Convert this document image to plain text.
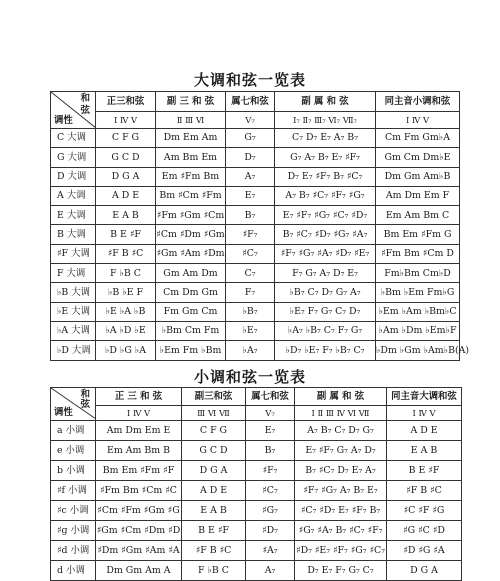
大调和弦一览表
和
弦
调性	正三和弦	副 三 和 弦	属七和弦	副 属 和 弦	同主音小调和弦
	Ⅰ Ⅳ Ⅴ	Ⅱ Ⅲ Ⅵ	Ⅴ₇	Ⅰ₇ Ⅱ₇ Ⅲ₇ Ⅵ₇ Ⅶ₇	Ⅰ Ⅳ Ⅴ
C 大调	C F G	Dm Em Am	G₇	C₇ D₇ E₇ A₇ B₇	Cm Fm Gm♭A
G 大调	G C D	Am Bm Em	D₇	G₇ A₇ B₇ E₇ ♯F₇	Gm Cm Dm♭E
D 大调	D G A	Em ♯Fm Bm	A₇	D₇ E₇ ♯F₇ B₇ ♯C₇	Dm Gm Am♭B
A 大调	A D E	Bm ♯Cm ♯Fm	E₇	A₇ B₇ ♯C₇ ♯F₇ ♯G₇	Am Dm Em F
E 大调	E A B	♯Fm ♯Gm ♯Cm	B₇	E₇ ♯F₇ ♯G₇ ♯C₇ ♯D₇	Em Am Bm C
B 大调	B E ♯F	♯Cm ♯Dm ♯Gm	♯F₇	B₇ ♯C₇ ♯D₇ ♯G₇ ♯A₇	Bm Em ♯Fm G
♯F 大调	♯F B ♯C	♯Gm ♯Am ♯Dm	♯C₇	♯F₇ ♯G₇ ♯A₇ ♯D₇ ♯E₇	♯Fm Bm ♯Cm D
F 大调	F ♭B C	Gm Am Dm	C₇	F₇ G₇ A₇ D₇ E₇	Fm♭Bm Cm♭D
♭B 大调	♭B ♭E F	Cm Dm Gm	F₇	♭B₇ C₇ D₇ G₇ A₇	♭Bm ♭Em Fm♭G
♭E 大调	♭E ♭A ♭B	Fm Gm Cm	♭B₇	♭E₇ F₇ G₇ C₇ D₇	♭Em ♭Am ♭Bm♭C
♭A 大调	♭A ♭D ♭E	♭Bm Cm Fm	♭E₇	♭A₇ ♭B₇ C₇ F₇ G₇	♭Am ♭Dm ♭Em♭F
♭D 大调	♭D ♭G ♭A	♭Em Fm ♭Bm	♭A₇	♭D₇ ♭E₇ F₇ ♭B₇ C₇	♭Dm ♭Gm ♭Am♭B(A)
小调和弦一览表
和
弦
调性	正 三 和 弦	副三和弦	属七和弦	副 属 和 弦	同主音大调和弦
	Ⅰ Ⅳ Ⅴ	Ⅲ Ⅵ Ⅶ	Ⅴ₇	Ⅰ Ⅱ Ⅲ Ⅳ Ⅵ Ⅶ	Ⅰ Ⅳ Ⅴ
a 小调	Am Dm Em E	C F G	E₇	A₇ B₇ C₇ D₇ G₇	A D E
e 小调	Em Am Bm B	G C D	B₇	E₇ ♯F₇ G₇ A₇ D₇	E A B
b 小调	Bm Em ♯Fm ♯F	D G A	♯F₇	B₇ ♯C₇ D₇ E₇ A₇	B E ♯F
♯f 小调	♯Fm Bm ♯Cm ♯C	A D E	♯C₇	♯F₇ ♯G₇ A₇ B₇ E₇	♯F B ♯C
♯c 小调	♯Cm ♯Fm ♯Gm ♯G	E A B	♯G₇	♯C₇ ♯D₇ E₇ ♯F₇ B₇	♯C ♯F ♯G
♯g 小调	♯Gm ♯Cm ♯Dm ♯D	B E ♯F	♯D₇	♯G₇ ♯A₇ B₇ ♯C₇ ♯F₇	♯G ♯C ♯D
♯d 小调	♯Dm ♯Gm ♯Am ♯A	♯F B ♯C	♯A₇	♯D₇ ♯E₇ ♯F₇ ♯G₇ ♯C₇	♯D ♯G ♯A
d 小调	Dm Gm Am A	F ♭B C	A₇	D₇ E₇ F₇ G₇ C₇	D G A
